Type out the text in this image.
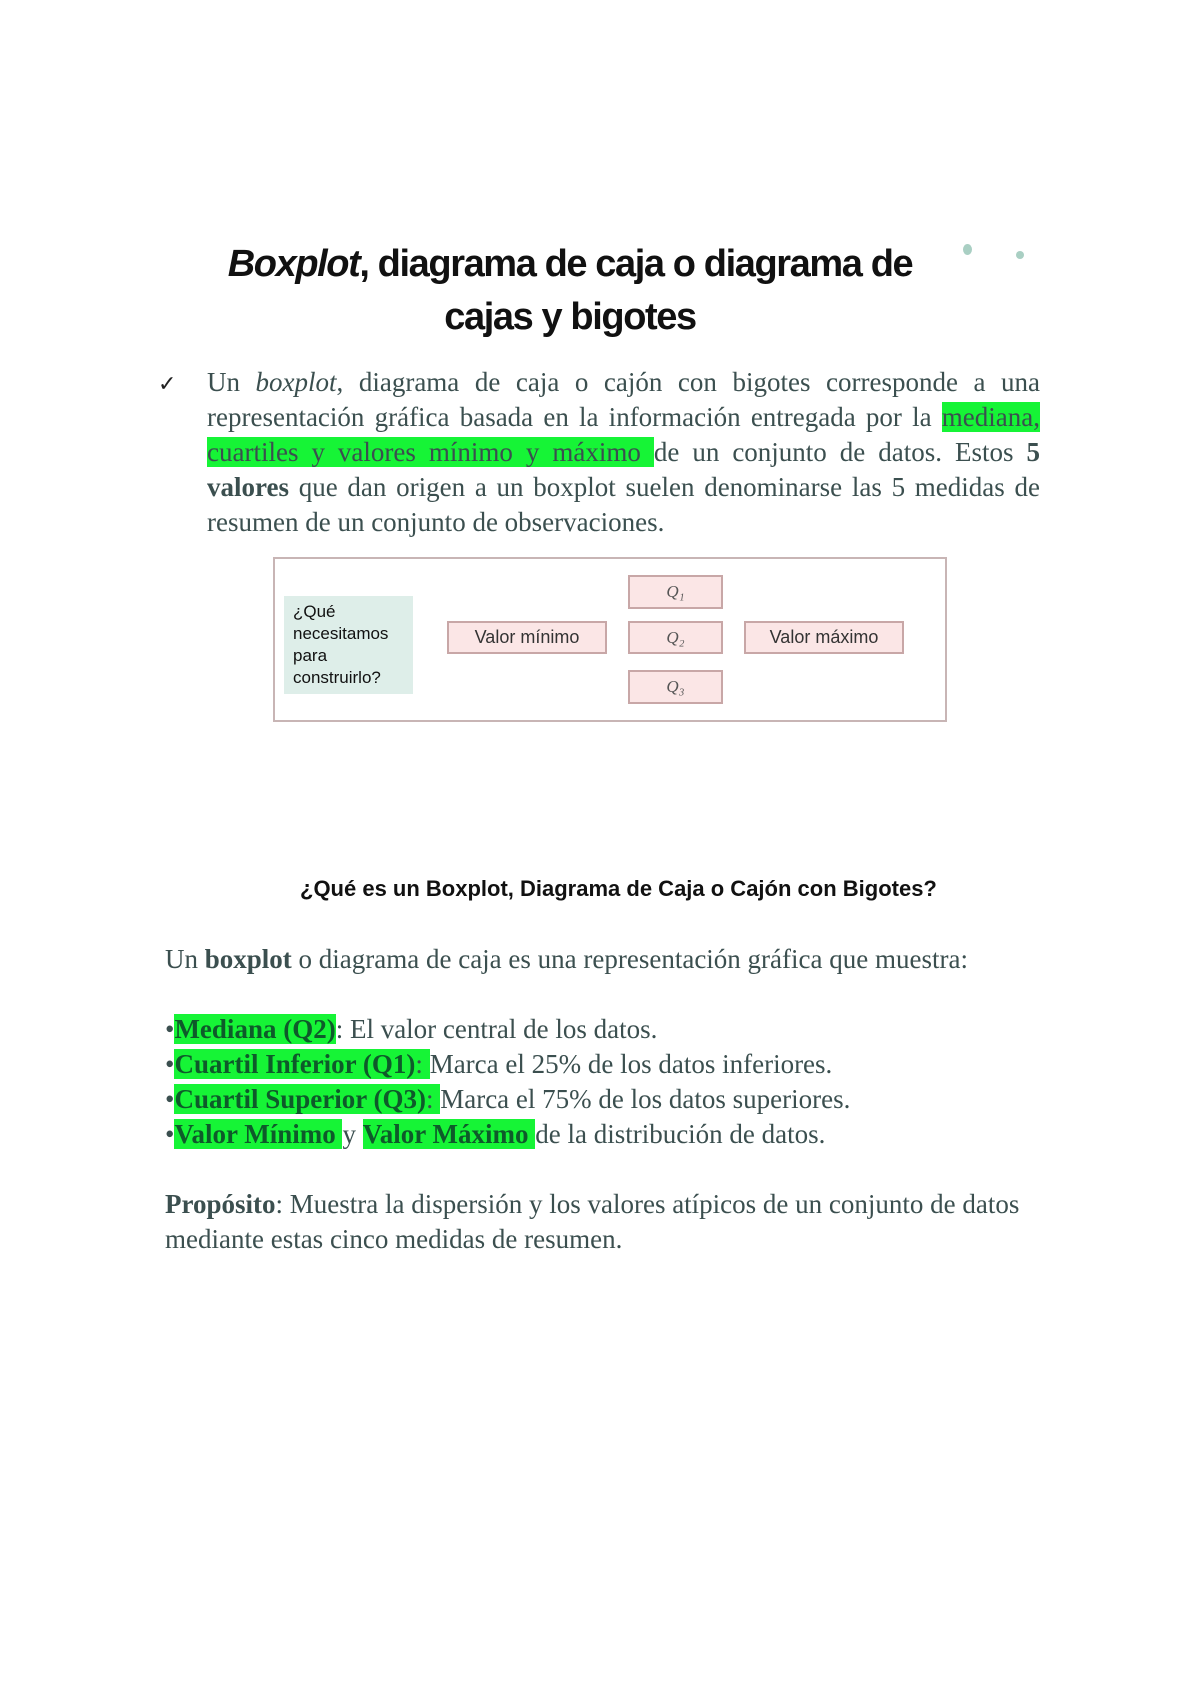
Boxplot, diagrama de caja o diagrama de
cajas y bigotes
✓ Un boxplot, diagrama de caja o cajón con bigotes corresponde a una representación gráfica basada en la información entregada por la mediana, cuartiles y valores mínimo y máximo de un conjunto de datos. Estos 5 valores que dan origen a un boxplot suelen denominarse las 5 medidas de resumen de un conjunto de observaciones.
¿Qué necesitamos para construirlo?
Valor mínimo
Q₁
Q₂
Q₃
Valor máximo
¿Qué es un Boxplot, Diagrama de Caja o Cajón con Bigotes?
Un boxplot o diagrama de caja es una representación gráfica que muestra:

•Mediana (Q2): El valor central de los datos.

•Cuartil Inferior (Q1): Marca el 25% de los datos inferiores.

•Cuartil Superior (Q3): Marca el 75% de los datos superiores.

•Valor Mínimo y Valor Máximo de la distribución de datos.

Propósito: Muestra la dispersión y los valores atípicos de un conjunto de datos mediante estas cinco medidas de resumen.
